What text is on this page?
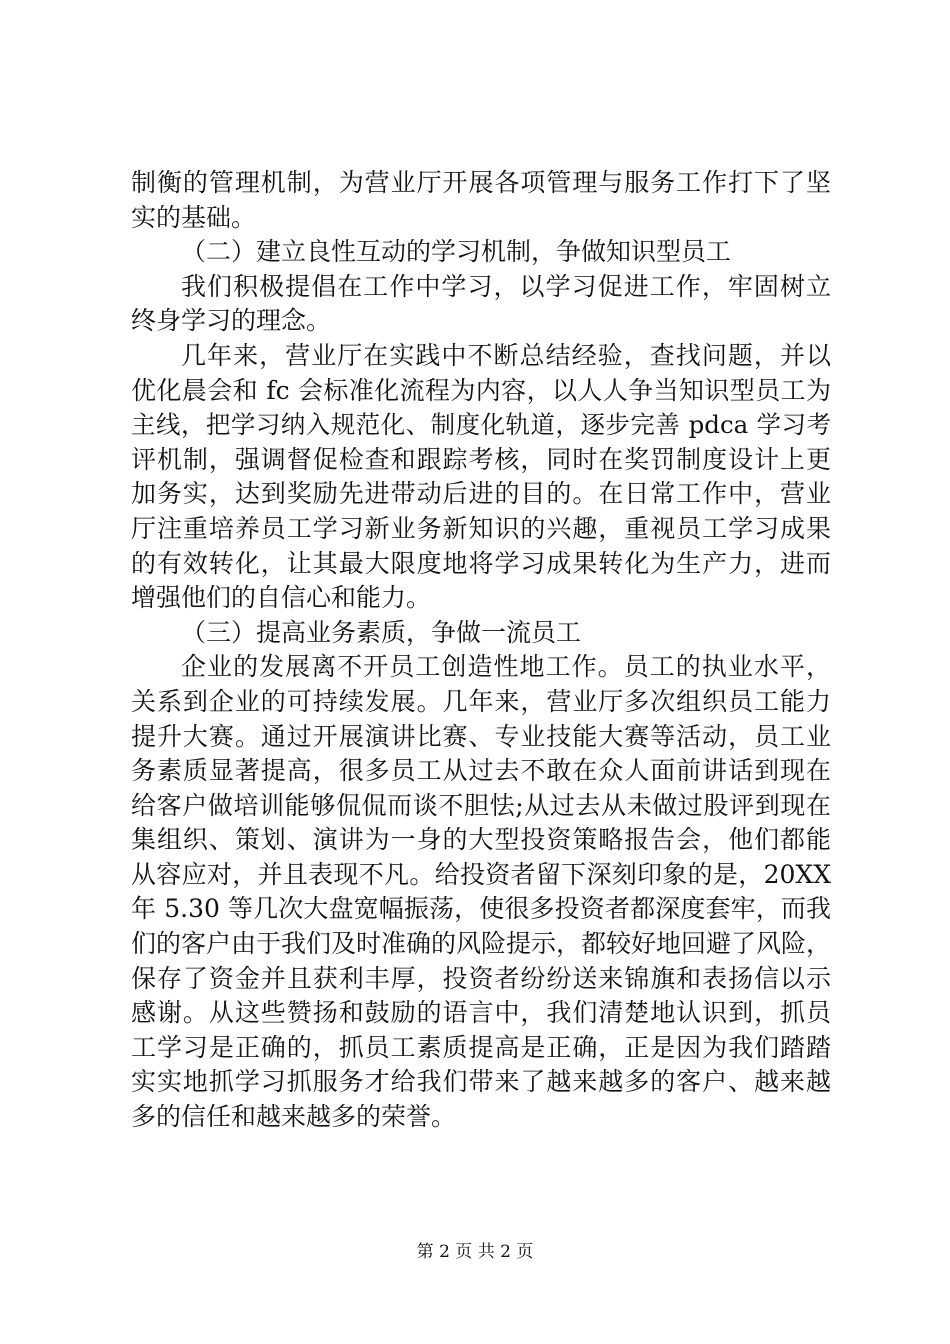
制衡的管理机制，为营业厅开展各项管理与服务工作打下了坚
实的基础。
（二）建立良性互动的学习机制，争做知识型员工
我们积极提倡在工作中学习，以学习促进工作，牢固树立
终身学习的理念。
几年来，营业厅在实践中不断总结经验，查找问题，并以
优化晨会和 fc 会标准化流程为内容，以人人争当知识型员工为
主线，把学习纳入规范化、制度化轨道，逐步完善 pdca 学习考
评机制，强调督促检查和跟踪考核，同时在奖罚制度设计上更
加务实，达到奖励先进带动后进的目的。在日常工作中，营业
厅注重培养员工学习新业务新知识的兴趣，重视员工学习成果
的有效转化，让其最大限度地将学习成果转化为生产力，进而
增强他们的自信心和能力。
（三）提高业务素质，争做一流员工
企业的发展离不开员工创造性地工作。员工的执业水平，
关系到企业的可持续发展。几年来，营业厅多次组织员工能力
提升大赛。通过开展演讲比赛、专业技能大赛等活动，员工业
务素质显著提高，很多员工从过去不敢在众人面前讲话到现在
给客户做培训能够侃侃而谈不胆怯;从过去从未做过股评到现在
集组织、策划、演讲为一身的大型投资策略报告会，他们都能
从容应对，并且表现不凡。给投资者留下深刻印象的是，20XX
年 5.30 等几次大盘宽幅振荡，使很多投资者都深度套牢，而我
们的客户由于我们及时准确的风险提示，都较好地回避了风险，
保存了资金并且获利丰厚，投资者纷纷送来锦旗和表扬信以示
感谢。从这些赞扬和鼓励的语言中，我们清楚地认识到，抓员
工学习是正确的，抓员工素质提高是正确，正是因为我们踏踏
实实地抓学习抓服务才给我们带来了越来越多的客户、越来越
多的信任和越来越多的荣誉。
第 2 页 共 2 页
